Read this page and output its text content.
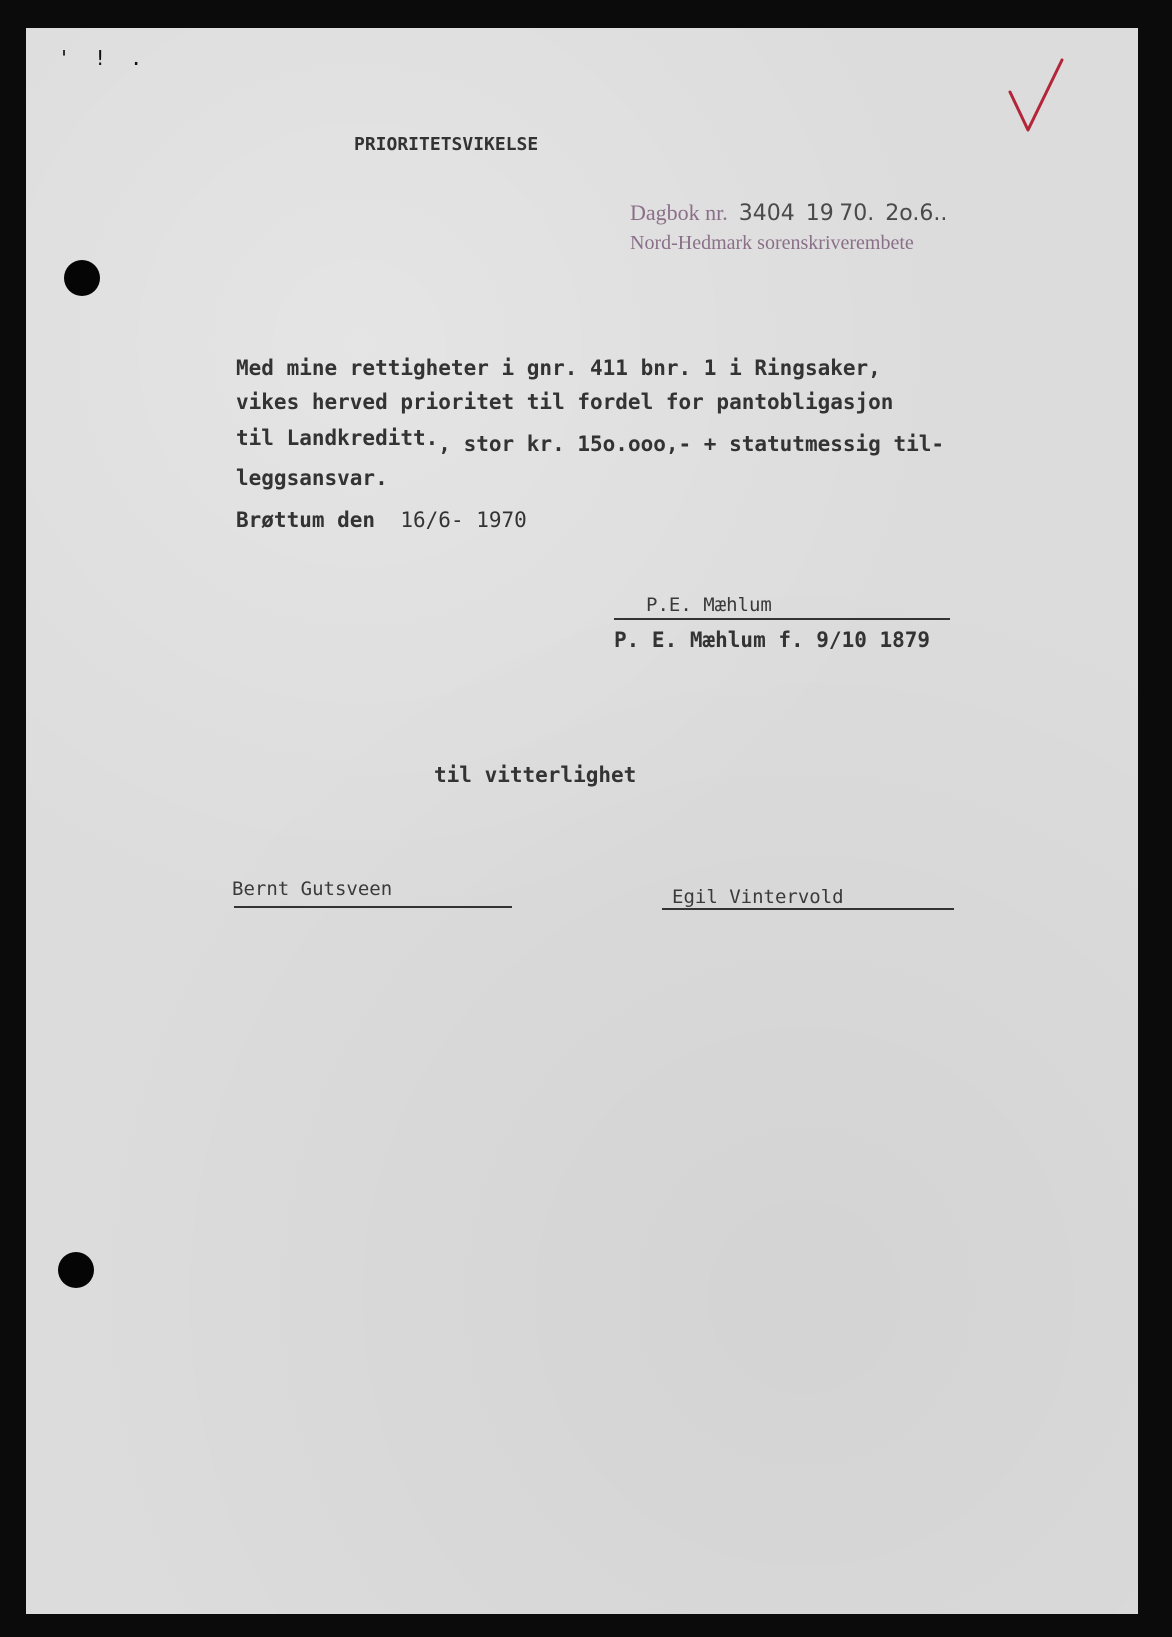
' ! .
PRIORITETSVIKELSE
Dagbok nr. 3404 19 70. 2o.6..
Nord-Hedmark sorenskriverembete
Med mine rettigheter i gnr. 411 bnr. 1 i Ringsaker,
vikes herved prioritet til fordel for pantobligasjon
til Landkreditt., stor kr. 15o.ooo,- + statutmessig til-
leggsansvar.
Brøttum den 16/6- 1970
P.E. Mæhlum
P. E. Mæhlum f. 9/10 1879
til vitterlighet
Bernt Gutsveen	Egil Vintervold
